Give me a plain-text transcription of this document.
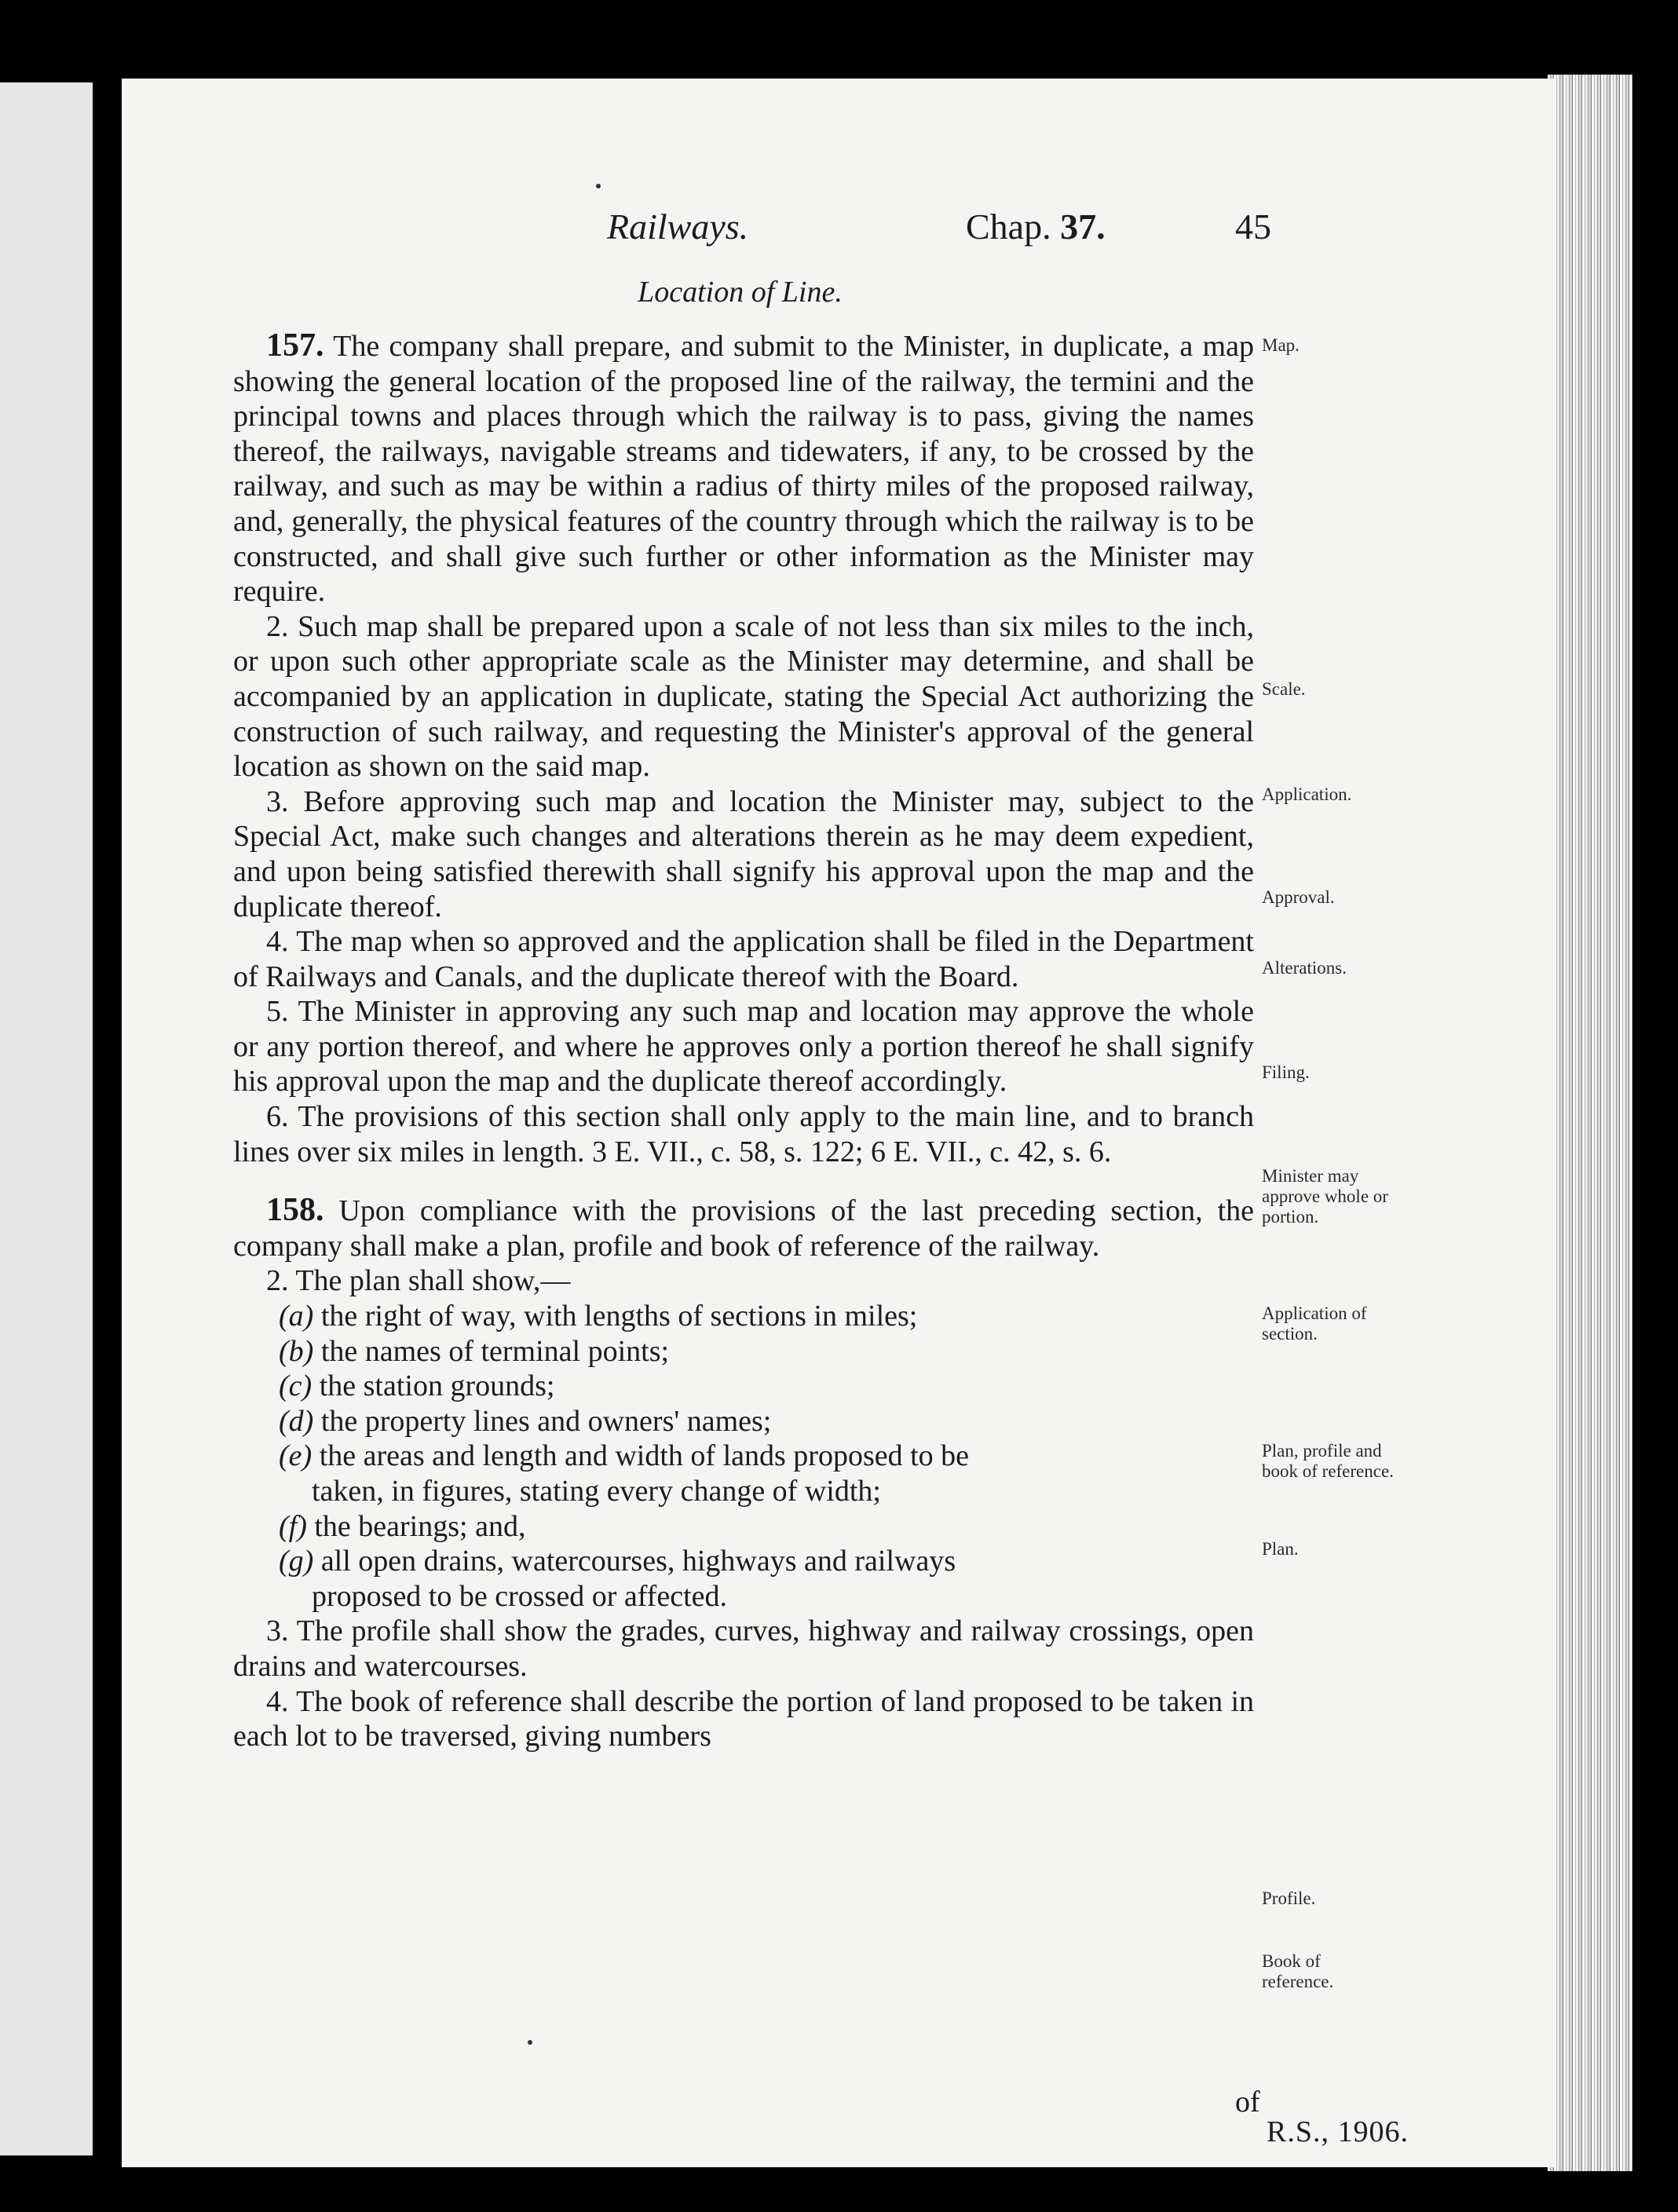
Railways.	Chap. 37.	45
Location of Line.

157. The company shall prepare, and submit to the Minister, in duplicate, a map showing the general location of the proposed line of the railway, the termini and the principal towns and places through which the railway is to pass, giving the names thereof, the railways, navigable streams and tidewaters, if any, to be crossed by the railway, and such as may be within a radius of thirty miles of the proposed railway, and, generally, the physical features of the country through which the railway is to be constructed, and shall give such further or other information as the Minister may require.

2. Such map shall be prepared upon a scale of not less than six miles to the inch, or upon such other appropriate scale as the Minister may determine, and shall be accompanied by an application in duplicate, stating the Special Act authorizing the construction of such railway, and requesting the Minister's approval of the general location as shown on the said map.

3. Before approving such map and location the Minister may, subject to the Special Act, make such changes and alterations therein as he may deem expedient, and upon being satisfied therewith shall signify his approval upon the map and the duplicate thereof.

4. The map when so approved and the application shall be filed in the Department of Railways and Canals, and the duplicate thereof with the Board.

5. The Minister in approving any such map and location may approve the whole or any portion thereof, and where he approves only a portion thereof he shall signify his approval upon the map and the duplicate thereof accordingly.

6. The provisions of this section shall only apply to the main line, and to branch lines over six miles in length. 3 E. VII., c. 58, s. 122; 6 E. VII., c. 42, s. 6.

158. Upon compliance with the provisions of the last preceding section, the company shall make a plan, profile and book of reference of the railway.

2. The plan shall show,—

(a) the right of way, with lengths of sections in miles;

(b) the names of terminal points;

(c) the station grounds;

(d) the property lines and owners' names;

(e) the areas and length and width of lands proposed to be

taken, in figures, stating every change of width;

(f) the bearings; and,

(g) all open drains, watercourses, highways and railways

proposed to be crossed or affected.

3. The profile shall show the grades, curves, highway and railway crossings, open drains and watercourses.

4. The book of reference shall describe the portion of land proposed to be taken in each lot to be traversed, giving numbers

Map.
Scale.
Application.
Approval.
Alterations.
Filing.
Minister may approve whole or portion.
Application of section.
Plan, profile and book of reference.
Plan.
Profile.
Book of reference.
of
R.S., 1906.
